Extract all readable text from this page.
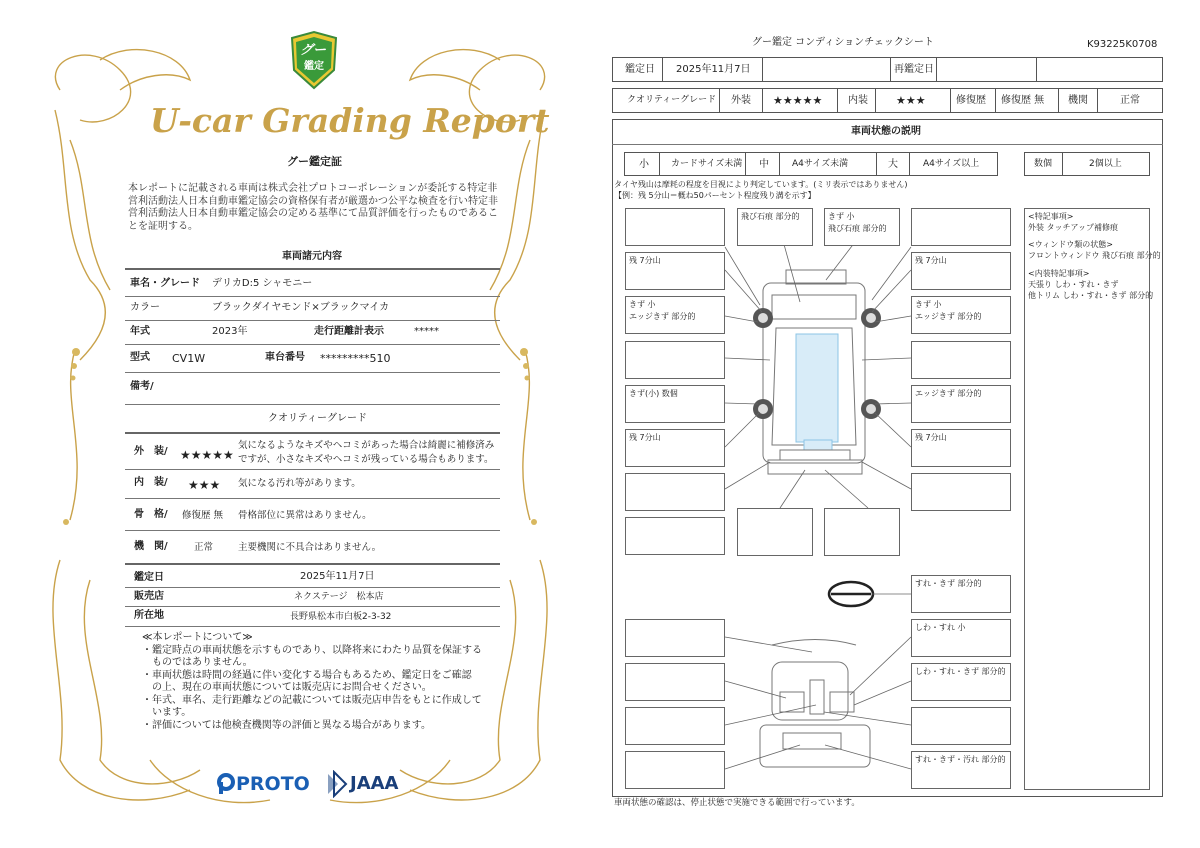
グー
鑑定
U-car Grading Report
グー鑑定証
本レポートに記載される車両は株式会社プロトコーポレーションが委託する特定非営利活動法人日本自動車鑑定協会の資格保有者が厳選かつ公平な検査を行い特定非営利活動法人日本自動車鑑定協会の定める基準にて品質評価を行ったものであることを証明する。
車両諸元内容
車名・グレード デリカD:5 シャモニー
カラー	ブラックダイヤモンド×ブラックマイカ
年式	2023年	走行距離計表示	*****
型式 CV1W	車台番号 *********510
備考/
クオリティーグレード
外　装/ ★★★★★
気になるようなキズやヘコミがあった場合は綺麗に補修済み
ですが、小さなキズやヘコミが残っている場合もあります。
内　装/ ★★★ 気になる汚れ等があります。
骨　格/ 修復歴 無 骨格部位に異常はありません。
機　関/	正常	主要機関に不具合はありません。
鑑定日	2025年11月7日
販売店	ネクステージ　松本店
所在地	長野県松本市白板2-3-32
≪本レポートについて≫
・鑑定時点の車両状態を示すものであり、以降将来にわたり品質を保証する
　ものではありません。
・車両状態は時間の経過に伴い変化する場合もあるため、鑑定日をご確認
　の上、現在の車両状態については販売店にお問合せください。
・年式、車名、走行距離などの記載については販売店申告をもとに作成して
　います。
・評価については他検査機関等の評価と異なる場合があります。
PROTO JAAA
グー鑑定 コンディションチェックシート	K93225K0708
鑑定日 2025年11月7日	再鑑定日
クオリティーグレード 外装 ★★★★★	内装	★★★	修復歴 修復歴 無 機関	正常
車両状態の説明
小 カードサイズ未満 中	A4サイズ未満	大	A4サイズ以上	数個	2個以上
タイヤ残山は摩耗の程度を目視により判定しています。(ミリ表示ではありません)
【例：残 5分山＝概ね50パーセント程度残り溝を示す】
残 7分山
きず 小
エッジきず 部分的
きず(小) 数個
残 7分山
飛び石痕 部分的	きず 小
飛び石痕 部分的
残 7分山
きず 小
エッジきず 部分的
エッジきず 部分的
残 7分山
すれ・きず 部分的
しわ・すれ 小
しわ・すれ・きず 部分的
すれ・きず・汚れ 部分的
<特記事項>
外装 タッチアップ補修痕
<ウィンドウ類の状態>
フロントウィンドウ 飛び石痕 部分的
<内装特記事項>
天張り しわ・すれ・きず
他トリム しわ・すれ・きず 部分的
車両状態の確認は、停止状態で実施できる範囲で行っています。
